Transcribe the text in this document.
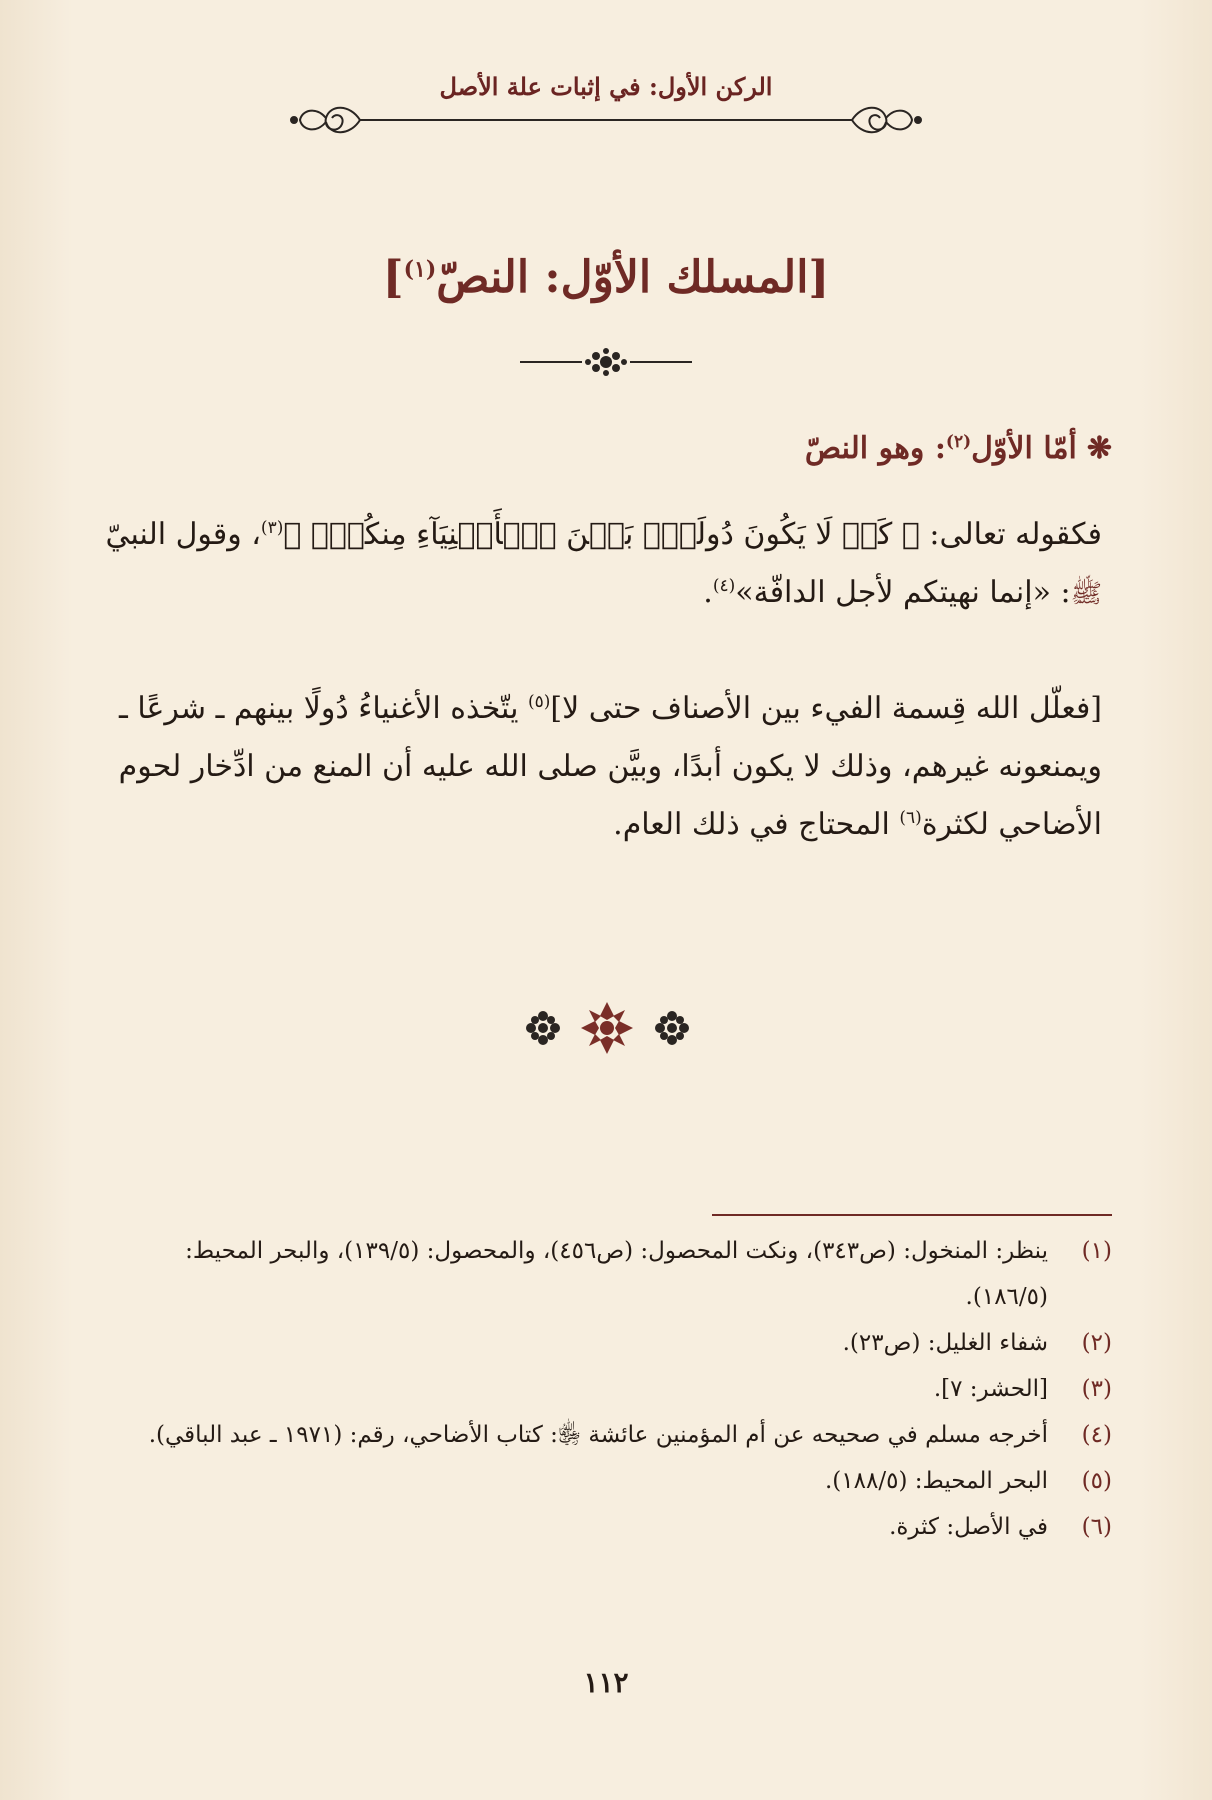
الركن الأول: في إثبات علة الأصل
[المسلك الأوّل: النصّ$^{(١)}$]
❋أمّا الأوّل$^{(٢)}$: وهو النصّ
فكقوله تعالى: ﴿ كَيۡ لَا يَكُونَ دُولَةَۢ بَيۡنَ ٱلۡأَغۡنِيَآءِ مِنكُمۡۚ ﴾$^{(٣)}$، وقول النبيّ ﷺ: «إنما نهيتكم لأجل الدافّة»$^{(٤)}$.
[فعلّل الله قِسمة الفيء بين الأصناف حتى لا]$^{(٥)}$ يتّخذه الأغنياءُ دُولًا بينهم ـ شرعًا ـ ويمنعونه غيرهم، وذلك لا يكون أبدًا، وبيَّن صلى الله عليه أن المنع من ادِّخار لحوم الأضاحي لكثرة$^{(٦)}$ المحتاج في ذلك العام.
(١)
ينظر: المنخول: (ص٣٤٣)، ونكت المحصول: (ص٤٥٦)، والمحصول: (١٣٩/٥)، والبحر المحيط: (١٨٦/٥).
(٢)
شفاء الغليل: (ص٢٣).
(٣)
[الحشر: ٧].
(٤)
أخرجه مسلم في صحيحه عن أم المؤمنين عائشة ﵂: كتاب الأضاحي، رقم: (١٩٧١ ـ عبد الباقي).
(٥)
البحر المحيط: (١٨٨/٥).
(٦)
في الأصل: كثرة.
١١٢
